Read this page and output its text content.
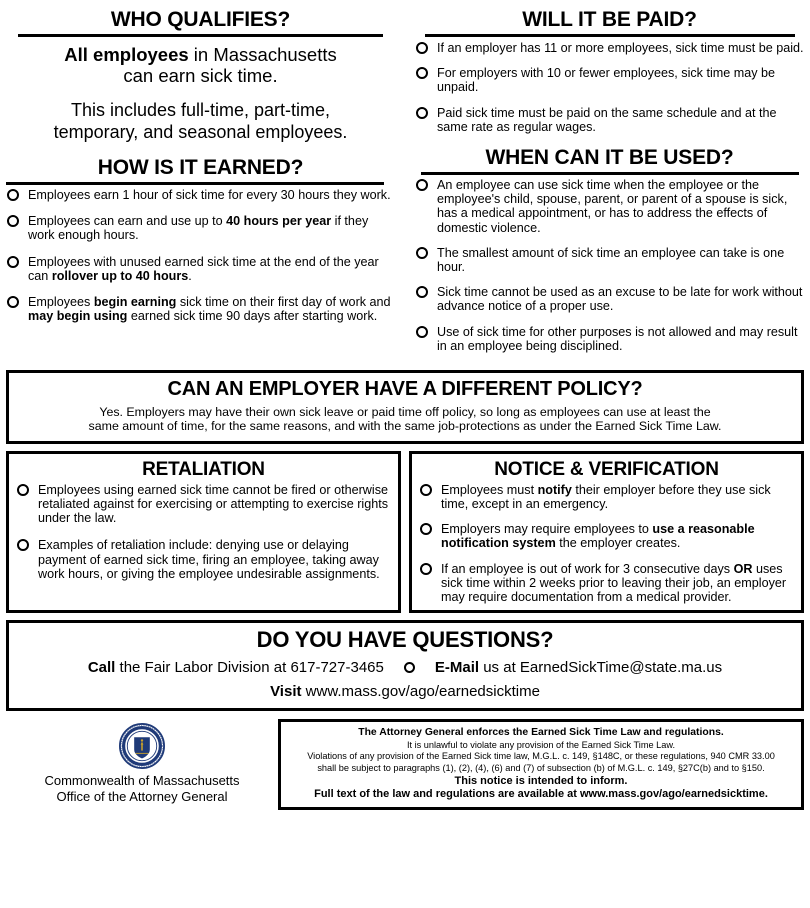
WHO QUALIFIES?
All employees in Massachusetts
can earn sick time.
This includes full-time, part-time,
temporary, and seasonal employees.
HOW IS IT EARNED?
Employees earn 1 hour of sick time for every 30 hours they work.
Employees can earn and use up to 40 hours per year if they work enough hours.
Employees with unused earned sick time at the end of the year can rollover up to 40 hours.
Employees begin earning sick time on their first day of work and may begin using earned sick time 90 days after starting work.
WILL IT BE PAID?
If an employer has 11 or more employees, sick time must be paid.
For employers with 10 or fewer employees, sick time may be unpaid.
Paid sick time must be paid on the same schedule and at the same rate as regular wages.
WHEN CAN IT BE USED?
An employee can use sick time when the employee or the employee's child, spouse, parent, or parent of a spouse is sick, has a medical appointment, or has to address the effects of domestic violence.
The smallest amount of sick time an employee can take is one hour.
Sick time cannot be used as an excuse to be late for work without advance notice of a proper use.
Use of sick time for other purposes is not allowed and may result in an employee being disciplined.
CAN AN EMPLOYER HAVE A DIFFERENT POLICY?
Yes. Employers may have their own sick leave or paid time off policy, so long as employees can use at least the
same amount of time, for the same reasons, and with the same job-protections as under the Earned Sick Time Law.
RETALIATION
Employees using earned sick time cannot be fired or otherwise retaliated against for exercising or attempting to exercise rights under the law.
Examples of retaliation include: denying use or delaying payment of earned sick time, firing an employee, taking away work hours, or giving the employee undesirable assignments.
NOTICE & VERIFICATION
Employees must notify their employer before they use sick time, except in an emergency.
Employers may require employees to use a reasonable notification system the employer creates.
If an employee is out of work for 3 consecutive days OR uses sick time within 2 weeks prior to leaving their job, an employer may require documentation from a medical provider.
DO YOU HAVE QUESTIONS?
Call the Fair Labor Division at 617-727-3465	E-Mail us at EarnedSickTime@state.ma.us
Visit www.mass.gov/ago/earnedsicktime
Commonwealth of Massachusetts
Office of the Attorney General
The Attorney General enforces the Earned Sick Time Law and regulations.
It is unlawful to violate any provision of the Earned Sick Time Law.
Violations of any provision of the Earned Sick time law, M.G.L. c. 149, §148C, or these regulations, 940 CMR 33.00
shall be subject to paragraphs (1), (2), (4), (6) and (7) of subsection (b) of M.G.L. c. 149, §27C(b) and to §150.
This notice is intended to inform.
Full text of the law and regulations are available at www.mass.gov/ago/earnedsicktime.
